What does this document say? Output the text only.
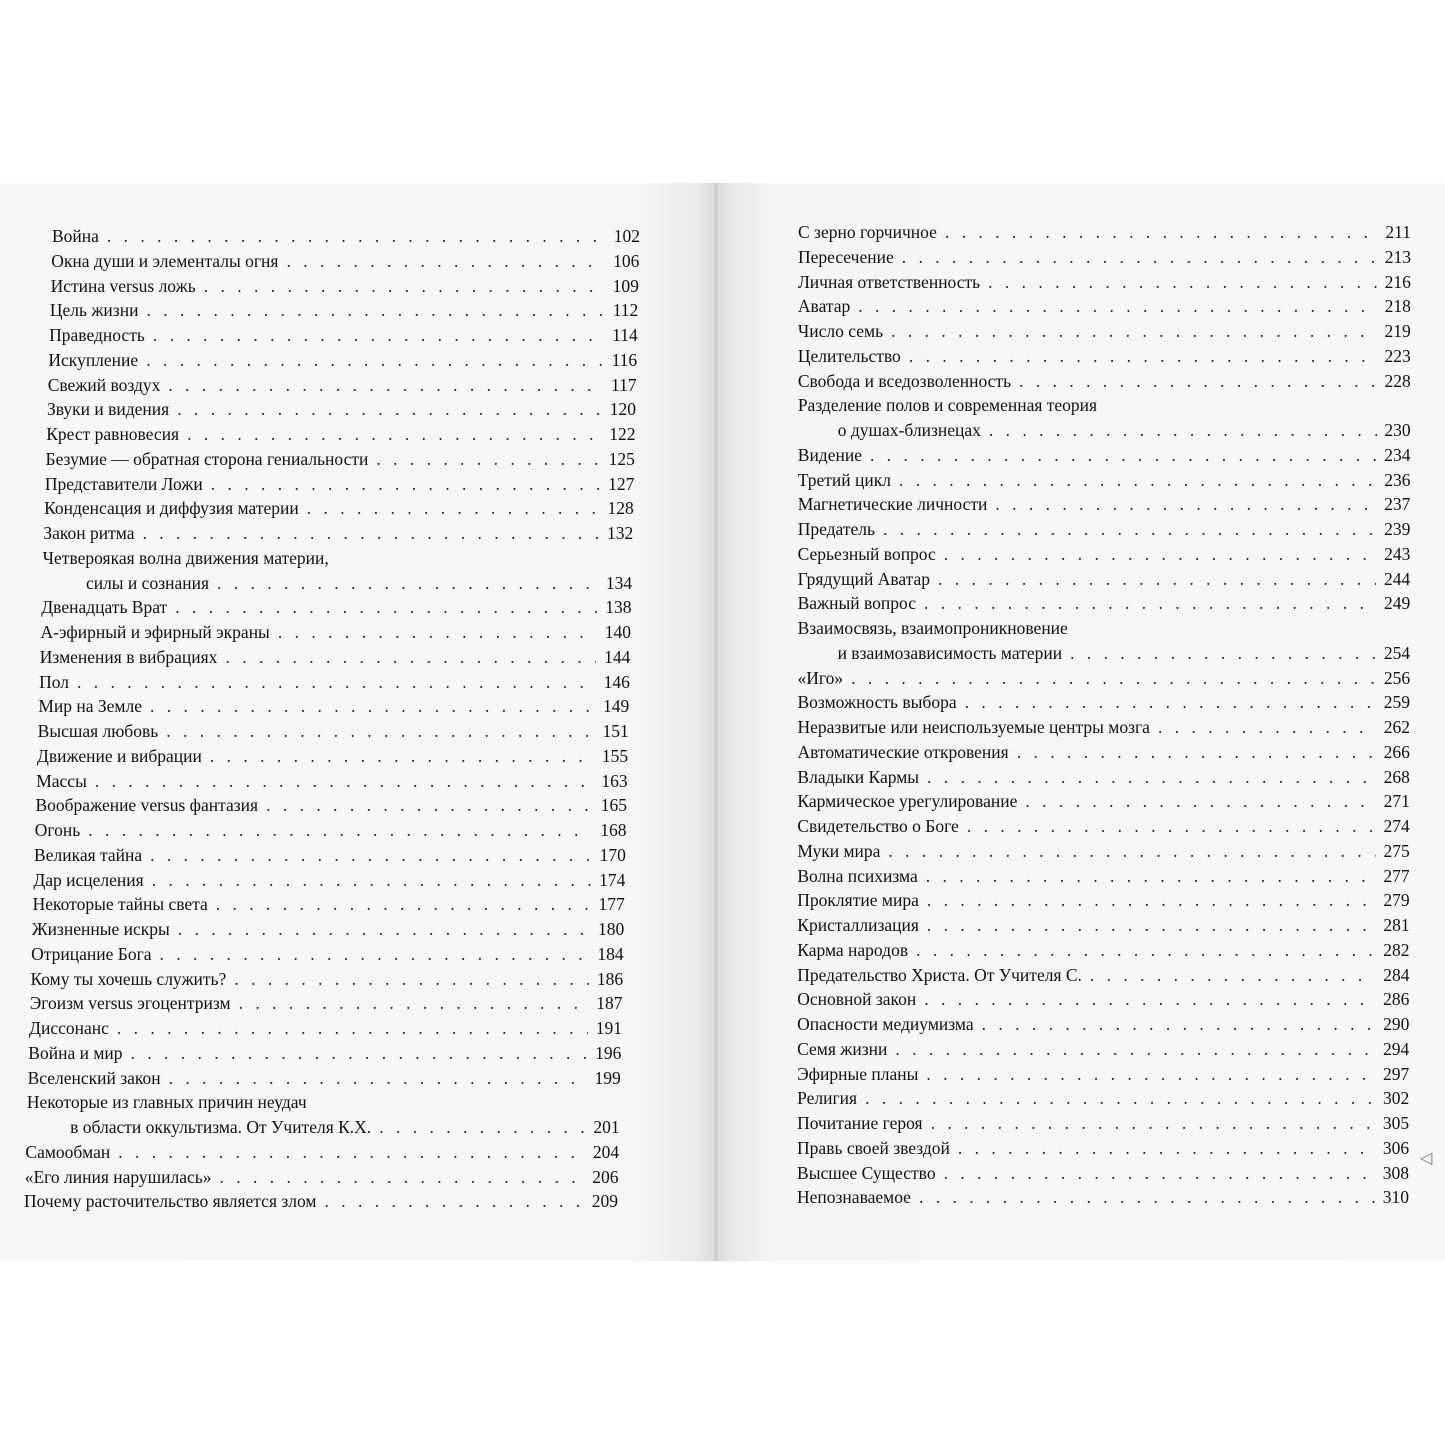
Война . . .	102
Окна души и элементалы огня . . .	106
Истина versus ложь . . .	109
Цель жизни . . .	112
Праведность . . .	114
Искупление . . .	116
Свежий воздух . . .	117
Звуки и видения . . .	120
Крест равновесия . . .	122
Безумие — обратная сторона гениальности . . .	125
Представители Ложи . . .	127
Конденсация и диффузия материи . . .	128
Закон ритма . . .	132
Четвероякая волна движения материи,
силы и сознания . . .	134
Двенадцать Врат . . .	138
А-эфирный и эфирный экраны . . .	140
Изменения в вибрациях . . .	144
Пол . . .	146
Мир на Земле . . .	149
Высшая любовь . . .	151
Движение и вибрации . . .	155
Массы . . .	163
Воображение versus фантазия . . .	165
Огонь . . .	168
Великая тайна . . .	170
Дар исцеления . . .	174
Некоторые тайны света . . .	177
Жизненные искры . . .	180
Отрицание Бога . . .	184
Кому ты хочешь служить? . . .	186
Эгоизм versus эгоцентризм . . .	187
Диссонанс . . .	191
Война и мир . . .	196
Вселенский закон . . .	199
Некоторые из главных причин неудач
в области оккультизма. От Учителя К.Х. . . .	201
Самообман . . .	204
«Его линия нарушилась» . . .	206
Почему расточительство является злом . . .	209
С зерно горчичное . . .	211
Пересечение . . .	213
Личная ответственность . . .	216
Аватар . . .	218
Число семь . . .	219
Целительство . . .	223
Свобода и вседозволенность . . .	228
Разделение полов и современная теория
о душах-близнецах . . .	230
Видение . . .	234
Третий цикл . . .	236
Магнетические личности . . .	237
Предатель . . .	239
Серьезный вопрос . . .	243
Грядущий Аватар . . .	244
Важный вопрос . . .	249
Взаимосвязь, взаимопроникновение
и взаимозависимость материи . . .	254
«Иго» . . .	256
Возможность выбора . . .	259
Неразвитые или неиспользуемые центры мозга . . .	262
Автоматические откровения . . .	266
Владыки Кармы . . .	268
Кармическое урегулирование . . .	271
Свидетельство о Боге . . .	274
Муки мира . . .	275
Волна психизма . . .	277
Проклятие мира . . .	279
Кристаллизация . . .	281
Карма народов . . .	282
Предательство Христа. От Учителя С. . . .	284
Основной закон . . .	286
Опасности медиумизма . . .	290
Семя жизни . . .	294
Эфирные планы . . .	297
Религия . . .	302
Почитание героя . . .	305
Правь своей звездой . . .	306
Высшее Существо . . .	308
Непознаваемое . . .	310
◁
